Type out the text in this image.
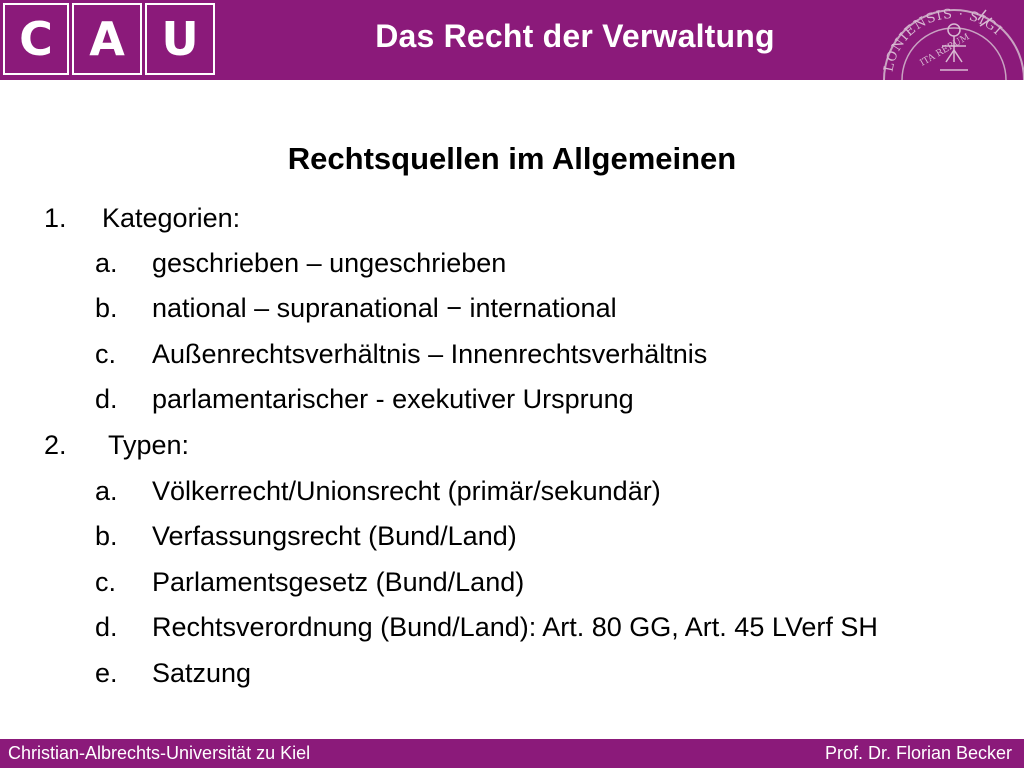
C A U	Das Recht der Verwaltung
LONIENSIS · SIGI
ITA RERUM
Rechtsquellen im Allgemeinen
1. Kategorien:
a. geschrieben – ungeschrieben
b. national – supranational − international
c. Außenrechtsverhältnis – Innenrechtsverhältnis
d. parlamentarischer - exekutiver Ursprung
2. Typen:
a. Völkerrecht/Unionsrecht (primär/sekundär)
b. Verfassungsrecht (Bund/Land)
c. Parlamentsgesetz (Bund/Land)
d. Rechtsverordnung (Bund/Land): Art. 80 GG, Art. 45 LVerf SH
e. Satzung
Christian-Albrechts-Universität zu Kiel	Prof. Dr. Florian Becker
